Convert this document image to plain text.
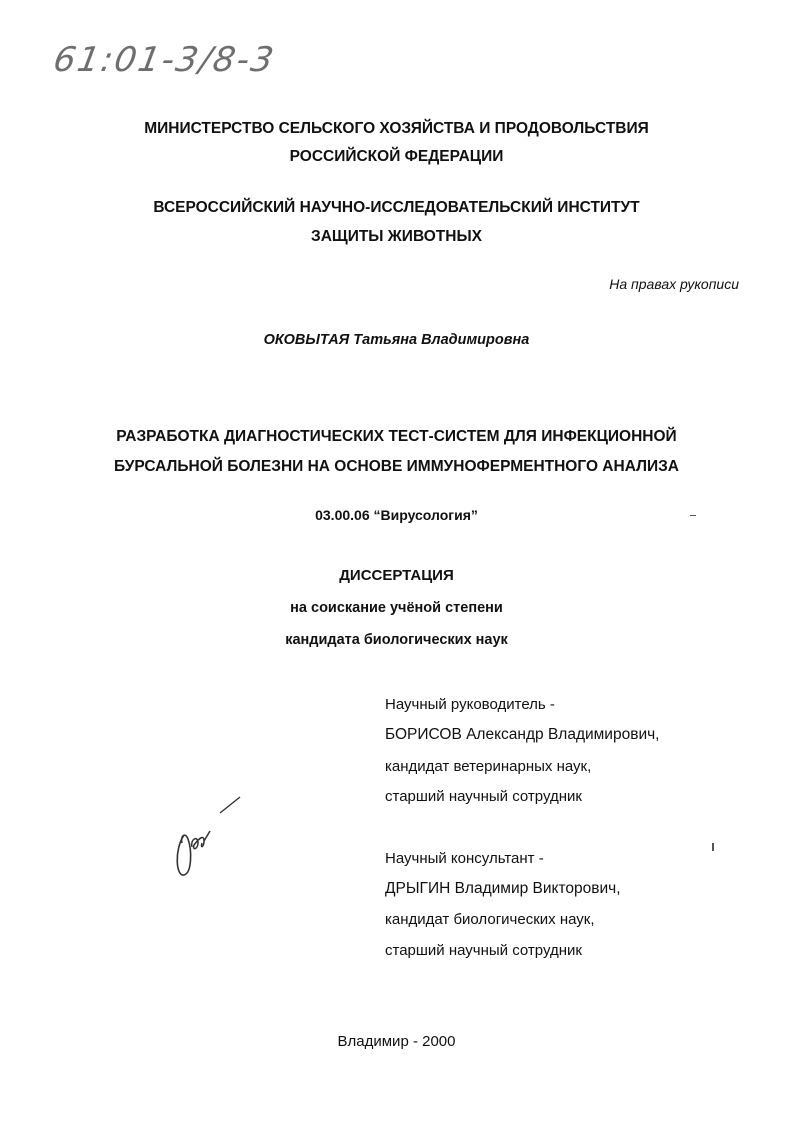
61:01-3/8-3
МИНИСТЕРСТВО СЕЛЬСКОГО ХОЗЯЙСТВА И ПРОДОВОЛЬСТВИЯ
РОССИЙСКОЙ ФЕДЕРАЦИИ
ВСЕРОССИЙСКИЙ НАУЧНО-ИССЛЕДОВАТЕЛЬСКИЙ ИНСТИТУТ
ЗАЩИТЫ ЖИВОТНЫХ
На правах рукописи
ОКОВЫТАЯ Татьяна Владимировна
РАЗРАБОТКА ДИАГНОСТИЧЕСКИХ ТЕСТ-СИСТЕМ ДЛЯ ИНФЕКЦИОННОЙ
БУРСАЛЬНОЙ БОЛЕЗНИ НА ОСНОВЕ ИММУНОФЕРМЕНТНОГО АНАЛИЗА
03.00.06 “Вирусология”
ДИССЕРТАЦИЯ
на соискание учёной степени
кандидата биологических наук
Научный руководитель -
БОРИСОВ Александр Владимирович,
кандидат ветеринарных наук,
старший научный сотрудник
Научный консультант -
ДРЫГИН Владимир Викторович,
кандидат биологических наук,
старший научный сотрудник
Владимир - 2000
